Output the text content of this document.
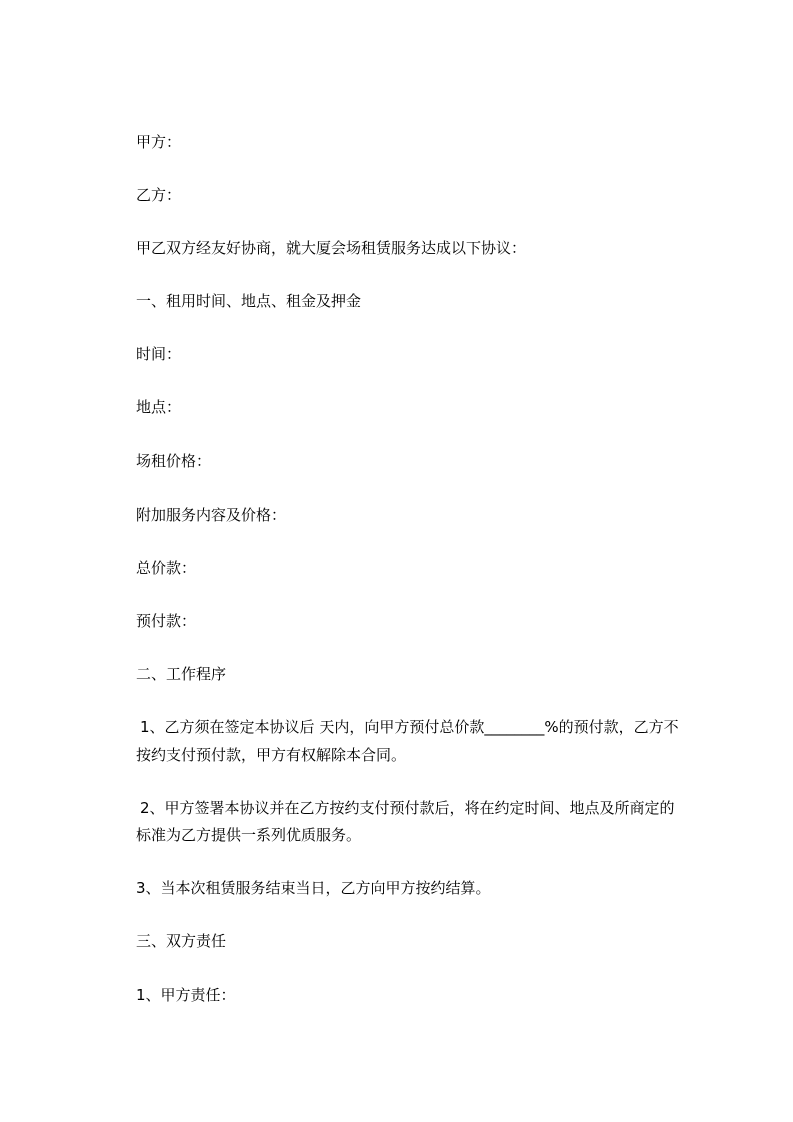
甲方：
乙方：
甲乙双方经友好协商，就大厦会场租赁服务达成以下协议：
一、租用时间、地点、租金及押金
时间：
地点：
场租价格：
附加服务内容及价格：
总价款：
预付款：
二、工作程序
1、乙方须在签定本协议后 天内，向甲方预付总价款________%的预付款，乙方不
按约支付预付款，甲方有权解除本合同。
2、甲方签署本协议并在乙方按约支付预付款后，将在约定时间、地点及所商定的
标准为乙方提供一系列优质服务。
3、当本次租赁服务结束当日，乙方向甲方按约结算。
三、双方责任
1、甲方责任：
